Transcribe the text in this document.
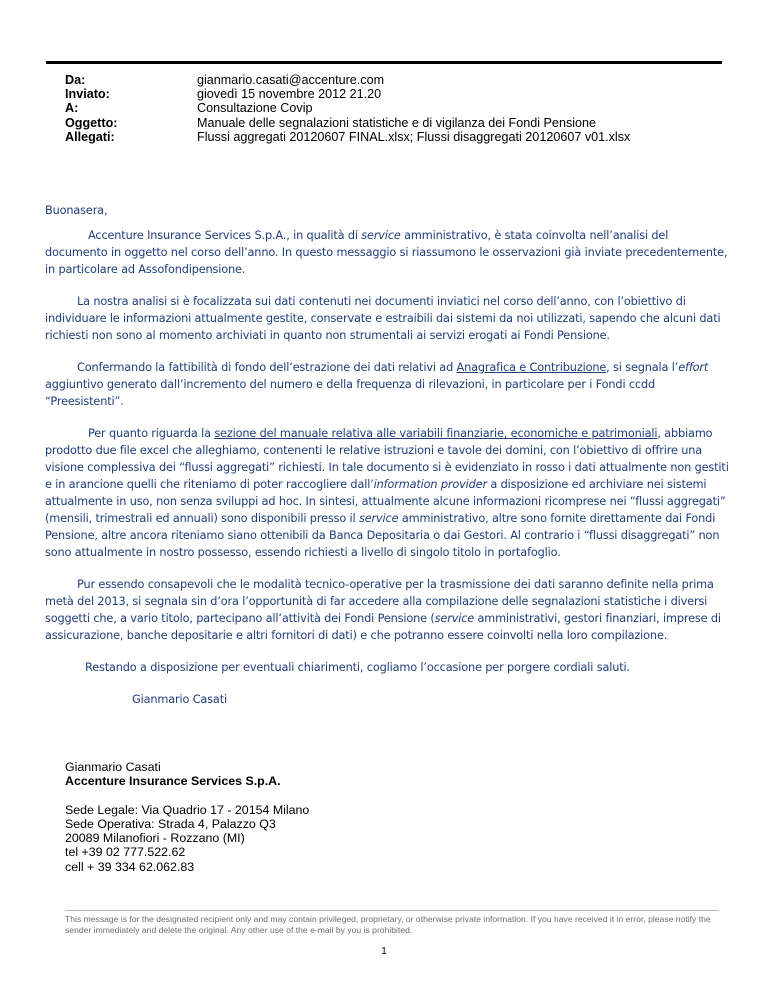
Da:	gianmario.casati@accenture.com
Inviato:	giovedì 15 novembre 2012 21.20
A:	Consultazione Covip
Oggetto:	Manuale delle segnalazioni statistiche e di vigilanza dei Fondi Pensione
Allegati:	Flussi aggregati 20120607 FINAL.xlsx; Flussi disaggregati 20120607 v01.xlsx

Buonasera,

Accenture Insurance Services S.p.A., in qualità di service amministrativo, è stata coinvolta nell’analisi del documento in oggetto nel corso dell’anno. In questo messaggio si riassumono le osservazioni già inviate precedentemente, in particolare ad Assofondipensione.

La nostra analisi si è focalizzata sui dati contenuti nei documenti inviatici nel corso dell’anno, con l’obiettivo di individuare le informazioni attualmente gestite, conservate e estraibili dai sistemi da noi utilizzati, sapendo che alcuni dati richiesti non sono al momento archiviati in quanto non strumentali ai servizi erogati ai Fondi Pensione.

Confermando la fattibilità di fondo dell’estrazione dei dati relativi ad Anagrafica e Contribuzione, si segnala l’effort aggiuntivo generato dall’incremento del numero e della frequenza di rilevazioni, in particolare per i Fondi ccdd “Preesistenti”.

Per quanto riguarda la sezione del manuale relativa alle variabili finanziarie, economiche e patrimoniali, abbiamo prodotto due file excel che alleghiamo, contenenti le relative istruzioni e tavole dei domini, con l’obiettivo di offrire una visione complessiva dei “flussi aggregati” richiesti. In tale documento si è evidenziato in rosso i dati attualmente non gestiti e in arancione quelli che riteniamo di poter raccogliere dall’information provider a disposizione ed archiviare nei sistemi attualmente in uso, non senza sviluppi ad hoc. In sintesi, attualmente alcune informazioni ricomprese nei “flussi aggregati” (mensili, trimestrali ed annuali) sono disponibili presso il service amministrativo, altre sono fornite direttamente dai Fondi Pensione, altre ancora riteniamo siano ottenibili da Banca Depositaria o dai Gestori. Al contrario i “flussi disaggregati” non sono attualmente in nostro possesso, essendo richiesti a livello di singolo titolo in portafoglio.

Pur essendo consapevoli che le modalità tecnico-operative per la trasmissione dei dati saranno definite nella prima metà del 2013, si segnala sin d’ora l’opportunità di far accedere alla compilazione delle segnalazioni statistiche i diversi soggetti che, a vario titolo, partecipano all’attività dei Fondi Pensione (service amministrativi, gestori finanziari, imprese di assicurazione, banche depositarie e altri fornitori di dati) e che potranno essere coinvolti nella loro compilazione.

Restando a disposizione per eventuali chiarimenti, cogliamo l’occasione per porgere cordiali saluti.

Gianmario Casati

Gianmario Casati
Accenture Insurance Services S.p.A.
Sede Legale: Via Quadrio 17 - 20154 Milano
Sede Operativa: Strada 4, Palazzo Q3
20089 Milanofiori - Rozzano (MI)
tel +39 02 777.522.62
cell + 39 334 62.062.83
This message is for the designated recipient only and may contain privileged, proprietary, or otherwise private information. If you have received it in error, please notify the sender immediately and delete the original. Any other use of the e-mail by you is prohibited.
1
